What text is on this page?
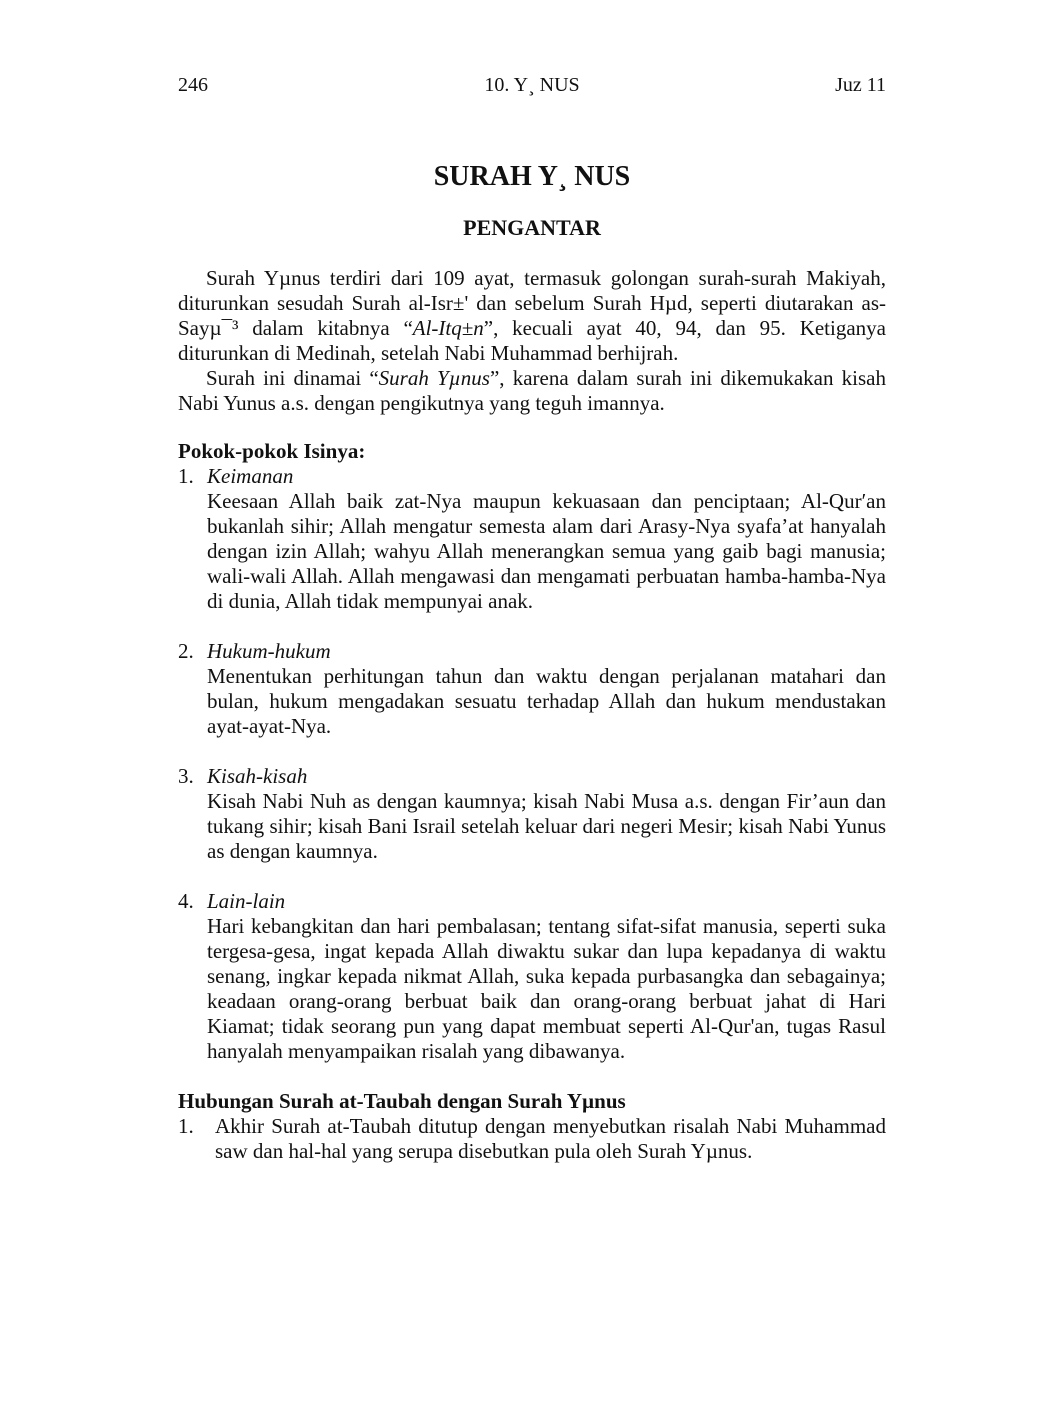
246	10. Y¸ NUS	Juz 11
SURAH Y¸ NUS
PENGANTAR

Surah Yµnus terdiri dari 109 ayat, termasuk golongan surah-surah Makiyah, diturunkan sesudah Surah al-Isr±' dan sebelum Surah Hµd, seperti diutarakan as-Sayµ¯³ dalam kitabnya “Al-Itq±n”, kecuali ayat 40, 94, dan 95. Ketiganya diturunkan di Medinah, setelah Nabi Muhammad berhijrah.

Surah ini dinamai “Surah Yµnus”, karena dalam surah ini dikemukakan kisah Nabi Yunus a.s. dengan pengikutnya yang teguh imannya.

Pokok-pokok Isinya:
1. Keimanan

Keesaan Allah baik zat-Nya maupun kekuasaan dan penciptaan; Al-Qur′an bukanlah sihir; Allah mengatur semesta alam dari Arasy-Nya syafa’at hanyalah dengan izin Allah; wahyu Allah menerangkan semua yang gaib bagi manusia; wali-wali Allah. Allah mengawasi dan mengamati perbuatan hamba-hamba-Nya di dunia, Allah tidak mempunyai anak.

2. Hukum-hukum

Menentukan perhitungan tahun dan waktu dengan perjalanan matahari dan bulan, hukum mengadakan sesuatu terhadap Allah dan hukum mendustakan ayat-ayat-Nya.

3. Kisah-kisah

Kisah Nabi Nuh as dengan kaumnya; kisah Nabi Musa a.s. dengan Fir’aun dan tukang sihir; kisah Bani Israil setelah keluar dari negeri Mesir; kisah Nabi Yunus as dengan kaumnya.

4. Lain-lain

Hari kebangkitan dan hari pembalasan; tentang sifat-sifat manusia, seperti suka tergesa-gesa, ingat kepada Allah diwaktu sukar dan lupa kepadanya di waktu senang, ingkar kepada nikmat Allah, suka kepada purbasangka dan sebagainya; keadaan orang-orang berbuat baik dan orang-orang berbuat jahat di Hari Kiamat; tidak seorang pun yang dapat membuat seperti Al-Qur'an, tugas Rasul hanyalah menyampaikan risalah yang dibawanya.

Hubungan Surah at-Taubah dengan Surah Yµnus
1. Akhir Surah at-Taubah ditutup dengan menyebutkan risalah Nabi Muhammad saw dan hal-hal yang serupa disebutkan pula oleh Surah Yµnus.
